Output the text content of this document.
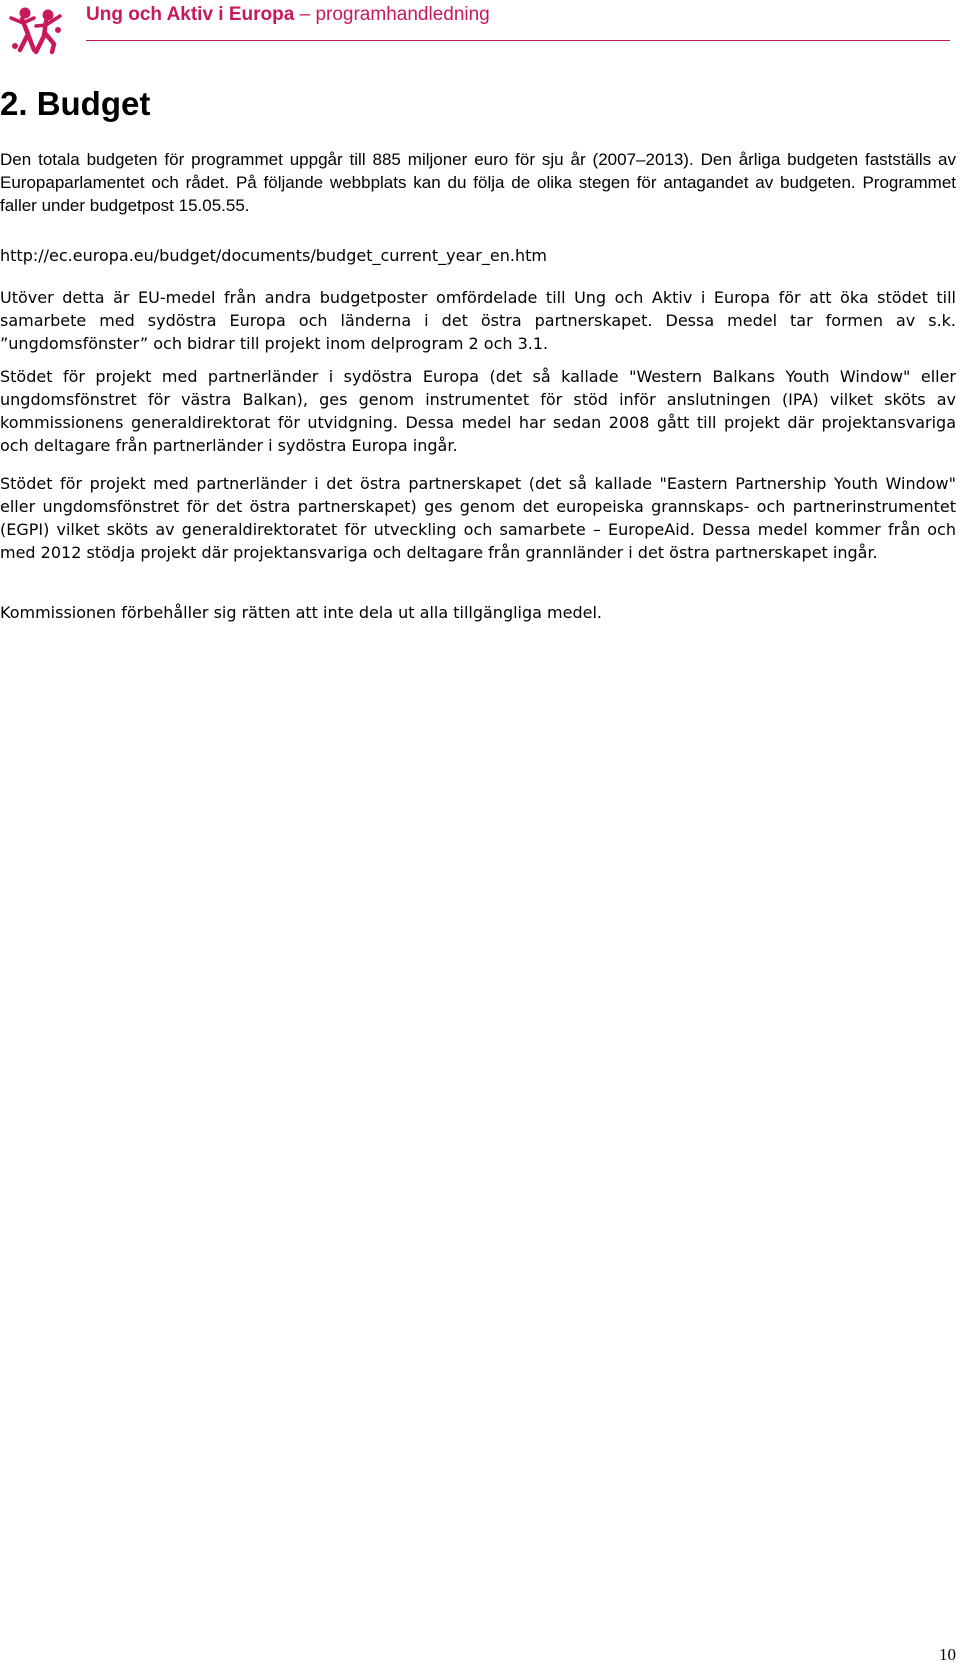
Ung och Aktiv i Europa – programhandledning
2. Budget

Den totala budgeten för programmet uppgår till 885 miljoner euro för sju år (2007–2013). Den årliga budgeten fastställs av Europaparlamentet och rådet. På följande webbplats kan du följa de olika stegen för antagandet av budgeten. Programmet faller under budgetpost 15.05.55.

http://ec.europa.eu/budget/documents/budget_current_year_en.htm

Utöver detta är EU-medel från andra budgetposter omfördelade till Ung och Aktiv i Europa för att öka stödet till samarbete med sydöstra Europa och länderna i det östra partnerskapet. Dessa medel tar formen av s.k. ”ungdomsfönster” och bidrar till projekt inom delprogram 2 och 3.1.

Stödet för projekt med partnerländer i sydöstra Europa (det så kallade "Western Balkans Youth Window" eller ungdomsfönstret för västra Balkan), ges genom instrumentet för stöd inför anslutningen (IPA) vilket sköts av kommissionens generaldirektorat för utvidgning. Dessa medel har sedan 2008 gått till projekt där projektansvariga och deltagare från partnerländer i sydöstra Europa ingår.

Stödet för projekt med partnerländer i det östra partnerskapet (det så kallade "Eastern Partnership Youth Window" eller ungdomsfönstret för det östra partnerskapet) ges genom det europeiska grannskaps- och partnerinstrumentet (EGPI) vilket sköts av generaldirektoratet för utveckling och samarbete – EuropeAid. Dessa medel kommer från och med 2012 stödja projekt där projektansvariga och deltagare från grannländer i det östra partnerskapet ingår.

Kommissionen förbehåller sig rätten att inte dela ut alla tillgängliga medel.

10
